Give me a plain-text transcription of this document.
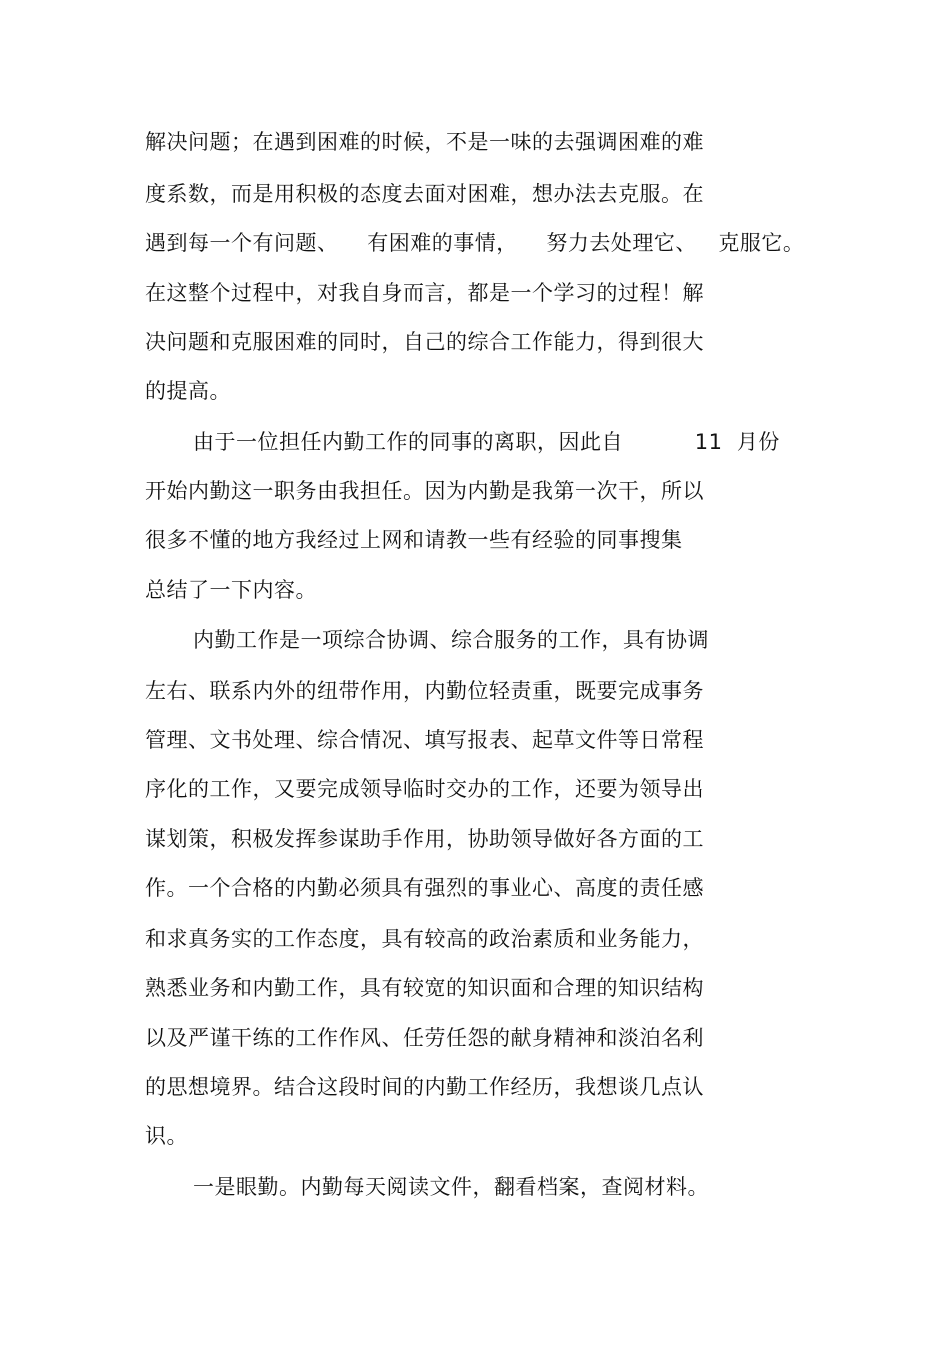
解决问题；在遇到困难的时候，不是一味的去强调困难的难
度系数，而是用积极的态度去面对困难，想办法去克服。在
遇到每一个有问题、    有困难的事情，    努力去处理它、   克服它。
在这整个过程中，对我自身而言，都是一个学习的过程！解
决问题和克服困难的同时，自己的综合工作能力，得到很大
的提高。
由于一位担任内勤工作的同事的离职，因此自          11  月份
开始内勤这一职务由我担任。因为内勤是我第一次干，所以
很多不懂的地方我经过上网和请教一些有经验的同事搜集
总结了一下内容。
内勤工作是一项综合协调、综合服务的工作，具有协调
左右、联系内外的纽带作用，内勤位轻责重，既要完成事务
管理、文书处理、综合情况、填写报表、起草文件等日常程
序化的工作，又要完成领导临时交办的工作，还要为领导出
谋划策，积极发挥参谋助手作用，协助领导做好各方面的工
作。一个合格的内勤必须具有强烈的事业心、高度的责任感
和求真务实的工作态度，具有较高的政治素质和业务能力，
熟悉业务和内勤工作，具有较宽的知识面和合理的知识结构
以及严谨干练的工作作风、任劳任怨的献身精神和淡泊名利
的思想境界。结合这段时间的内勤工作经历，我想谈几点认
识。
一是眼勤。内勤每天阅读文件，翻看档案，查阅材料。
